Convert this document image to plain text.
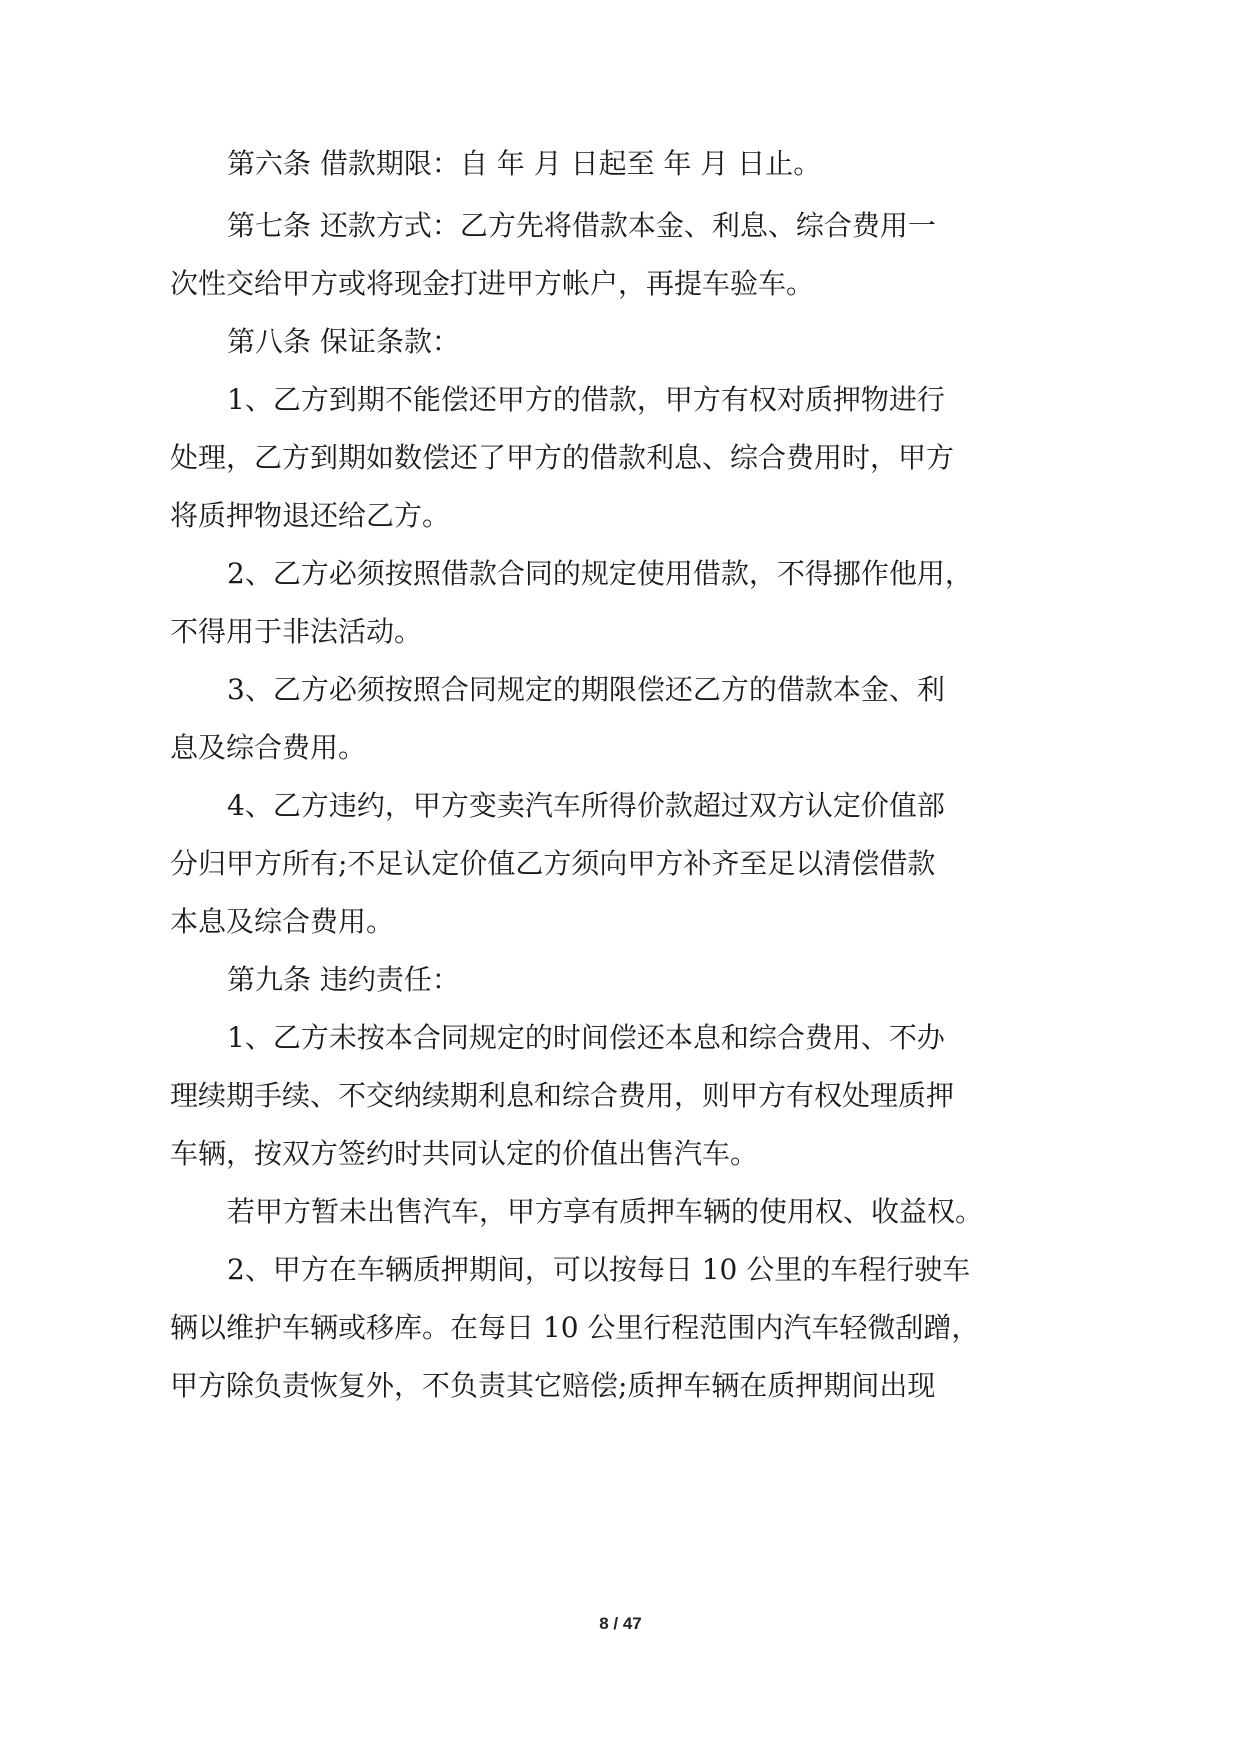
第六条 借款期限：自 年 月 日起至 年 月 日止。
第七条 还款方式：乙方先将借款本金、利息、综合费用一
次性交给甲方或将现金打进甲方帐户，再提车验车。
第八条 保证条款：
1、乙方到期不能偿还甲方的借款，甲方有权对质押物进行
处理，乙方到期如数偿还了甲方的借款利息、综合费用时，甲方
将质押物退还给乙方。
2、乙方必须按照借款合同的规定使用借款，不得挪作他用，
不得用于非法活动。
3、乙方必须按照合同规定的期限偿还乙方的借款本金、利
息及综合费用。
4、乙方违约，甲方变卖汽车所得价款超过双方认定价值部
分归甲方所有;不足认定价值乙方须向甲方补齐至足以清偿借款
本息及综合费用。
第九条 违约责任：
1、乙方未按本合同规定的时间偿还本息和综合费用、不办
理续期手续、不交纳续期利息和综合费用，则甲方有权处理质押
车辆，按双方签约时共同认定的价值出售汽车。
若甲方暂未出售汽车，甲方享有质押车辆的使用权、收益权。
2、甲方在车辆质押期间，可以按每日 10 公里的车程行驶车
辆以维护车辆或移库。在每日 10 公里行程范围内汽车轻微刮蹭，
甲方除负责恢复外，不负责其它赔偿;质押车辆在质押期间出现
8 / 47
